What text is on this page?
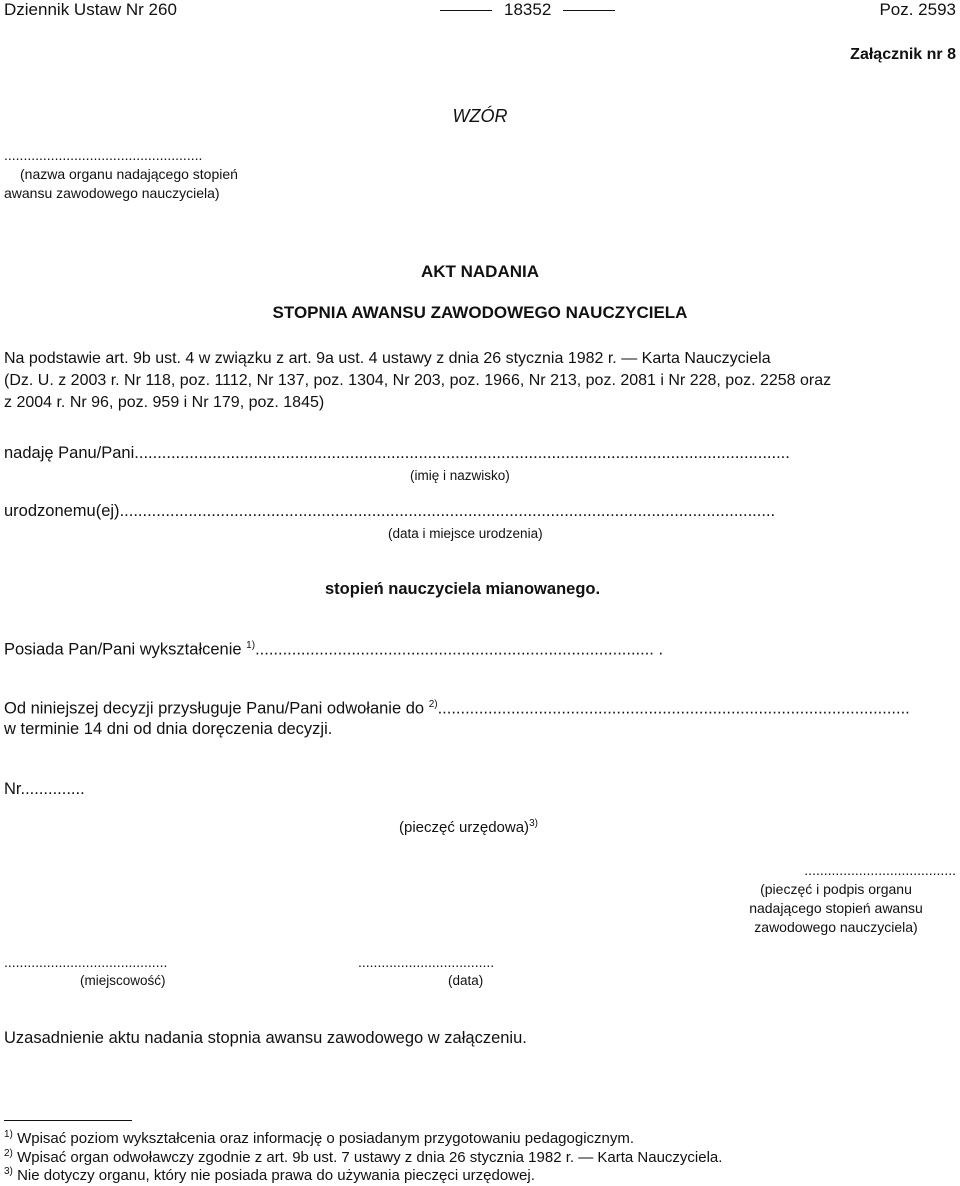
Dziennik Ustaw Nr 260	18352	Poz. 2593
Załącznik nr 8
WZÓR
...................................................
(nazwa organu nadającego stopień
awansu zawodowego nauczyciela)
AKT NADANIA
STOPNIA AWANSU ZAWODOWEGO NAUCZYCIELA
Na podstawie art. 9b ust. 4 w związku z art. 9a ust. 4 ustawy z dnia 26 stycznia 1982 r. — Karta Nauczyciela
(Dz. U. z 2003 r. Nr 118, poz. 1112, Nr 137, poz. 1304, Nr 203, poz. 1966, Nr 213, poz. 2081 i Nr 228, poz. 2258 oraz
z 2004 r. Nr 96, poz. 959 i Nr 179, poz. 1845)
nadaję Panu/Pani...............................................................................................................................................
(imię i nazwisko)
urodzonemu(ej)...............................................................................................................................................
(data i miejsce urodzenia)
stopień nauczyciela mianowanego.
Posiada Pan/Pani wykształcenie $^{1)}$....................................................................................... .
Od niniejszej decyzji przysługuje Panu/Pani odwołanie do $^{2)}$.......................................................................................................
w terminie 14 dni od dnia doręczenia decyzji.
Nr..............
(pieczęć urzędowa)$^{3)}$
.......................................
(pieczęć i podpis organu
nadającego stopień awansu
zawodowego nauczyciela)
..........................................
(miejscowość)
...................................
(data)
Uzasadnienie aktu nadania stopnia awansu zawodowego w załączeniu.
$^{1)}$ Wpisać poziom wykształcenia oraz informację o posiadanym przygotowaniu pedagogicznym.
$^{2)}$ Wpisać organ odwoławczy zgodnie z art. 9b ust. 7 ustawy z dnia 26 stycznia 1982 r. — Karta Nauczyciela.
$^{3)}$ Nie dotyczy organu, który nie posiada prawa do używania pieczęci urzędowej.
